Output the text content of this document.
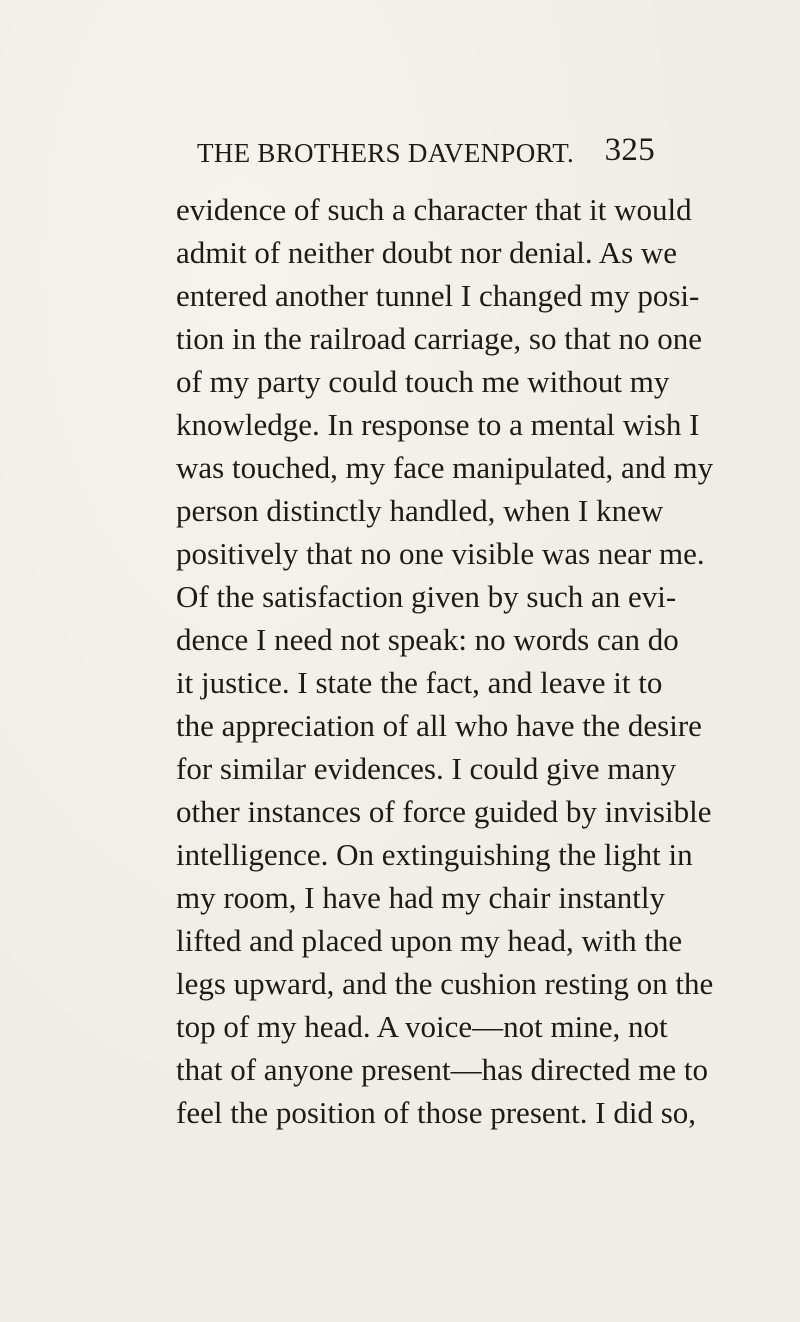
THE BROTHERS DAVENPORT. 325
evidence of such a character that it would
admit of neither doubt nor denial. As we
entered another tunnel I changed my posi-
tion in the railroad carriage, so that no one
of my party could touch me without my
knowledge. In response to a mental wish I
was touched, my face manipulated, and my
person distinctly handled, when I knew
positively that no one visible was near me.
Of the satisfaction given by such an evi-
dence I need not speak: no words can do
it justice. I state the fact, and leave it to
the appreciation of all who have the desire
for similar evidences. I could give many
other instances of force guided by invisible
intelligence. On extinguishing the light in
my room, I have had my chair instantly
lifted and placed upon my head, with the
legs upward, and the cushion resting on the
top of my head. A voice—not mine, not
that of anyone present—has directed me to
feel the position of those present. I did so,
